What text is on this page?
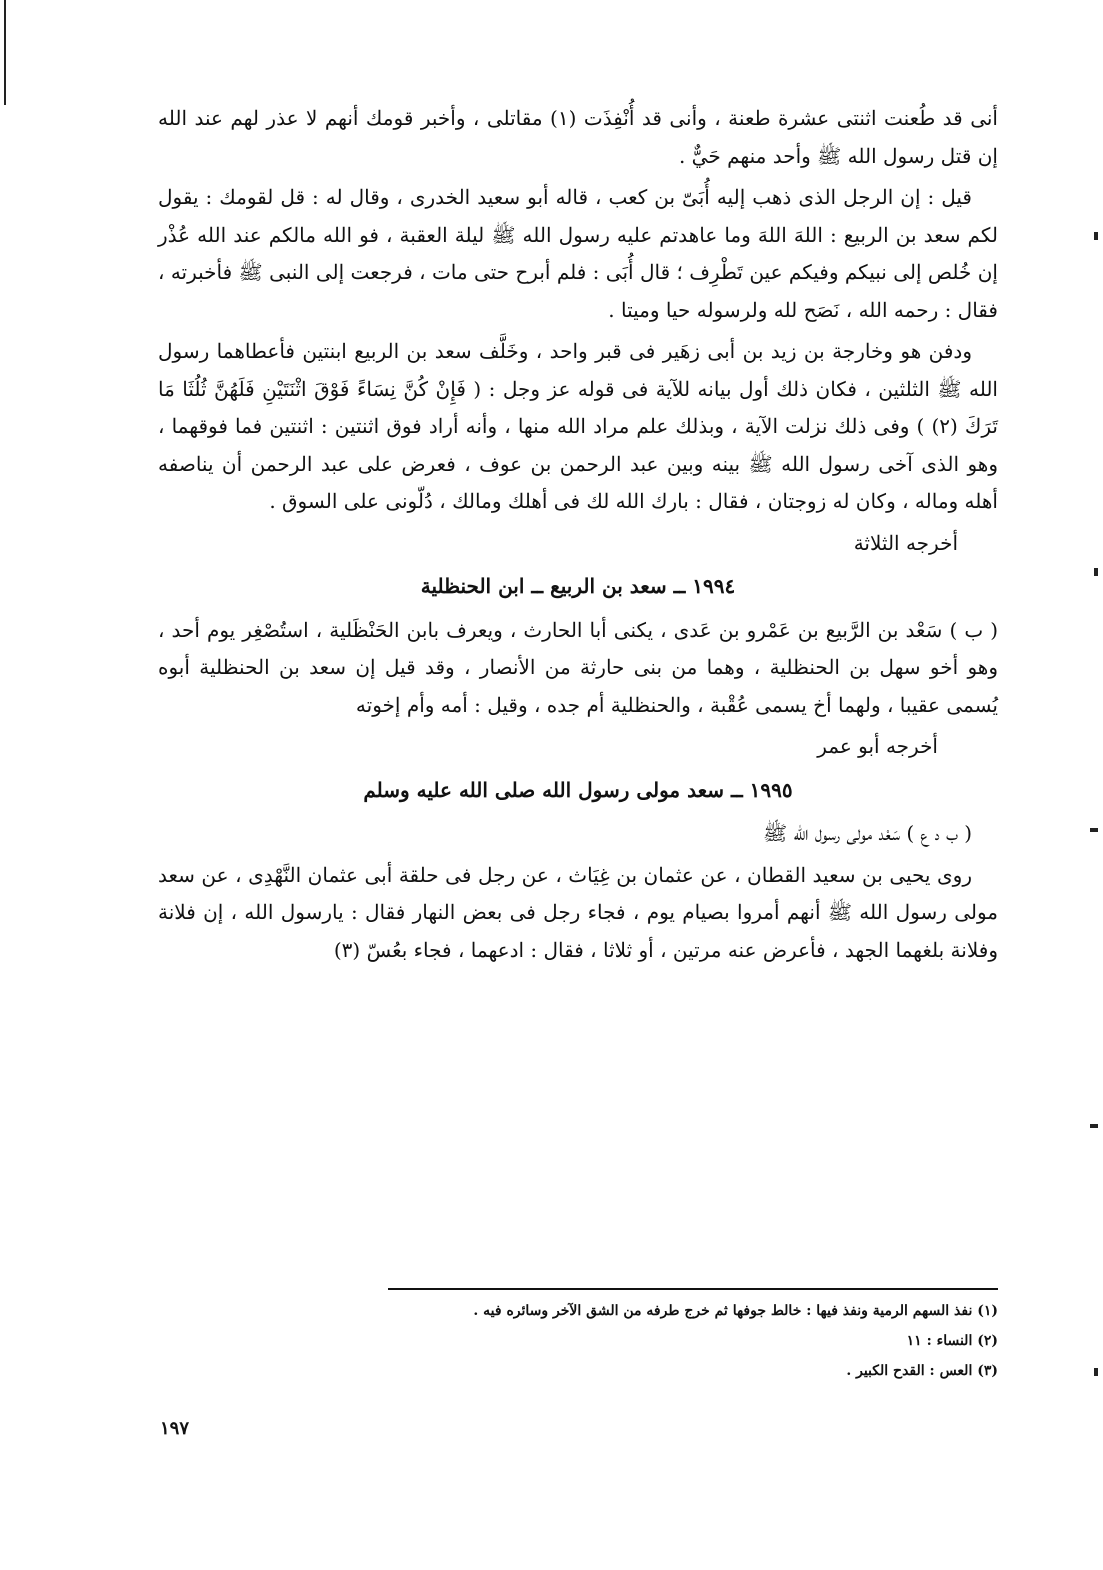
أنى قد طُعنت اثنتى عشرة طعنة ، وأنى قد أُنْفِذَت (١) مقاتلى ، وأخبر قومك أنهم لا عذر لهم عند الله إن قتل رسول الله ﷺ وأحد منهم حَيٌّ .

قيل : إن الرجل الذى ذهب إليه أُبَىّ بن كعب ، قاله أبو سعيد الخدرى ، وقال له : قل لقومك : يقول لكم سعد بن الربيع : اللهَ اللهَ وما عاهدتم عليه رسول الله ﷺ ليلة العقبة ، فو الله مالكم عند الله عُذْر إن خُلص إلى نبيكم وفيكم عين تَطْرِف ؛ قال أُبَى : فلم أبرح حتى مات ، فرجعت إلى النبى ﷺ فأخبرته ، فقال : رحمه الله ، نَصَح لله ولرسوله حيا وميتا .

ودفن هو وخارجة بن زيد بن أبى زهَير فى قبر واحد ، وخَلَّف سعد بن الربيع ابنتين فأعطاهما رسول الله ﷺ الثلثين ، فكان ذلك أول بيانه للآية فى قوله عز وجل : ( فَإِنْ كُنَّ نِسَاءً فَوْقَ اثْنَتَيْنِ فَلَهُنَّ ثُلُثَا مَا تَرَكَ (٢) ) وفى ذلك نزلت الآية ، وبذلك علم مراد الله منها ، وأنه أراد فوق اثنتين : اثنتين فما فوقهما ، وهو الذى آخى رسول الله ﷺ بينه وبين عبد الرحمن بن عوف ، فعرض على عبد الرحمن أن يناصفه أهله وماله ، وكان له زوجتان ، فقال : بارك الله لك فى أهلك ومالك ، دُلّونى على السوق .

أخرجه الثلاثة

١٩٩٤ ــ سعد بن الربيع ــ ابن الحنظلية

( ب ) سَعْد بن الرَّبيع بن عَمْرو بن عَدى ، يكنى أبا الحارث ، ويعرف بابن الحَنْظَلية ، استُصْغِر يوم أحد ، وهو أخو سهل بن الحنظلية ، وهما من بنى حارثة من الأنصار ، وقد قيل إن سعد بن الحنظلية أبوه يُسمى عقيبا ، ولهما أخ يسمى عُقْبة ، والحنظلية أم جده ، وقيل : أمه وأم إخوته

أخرجه أبو عمر

١٩٩٥ ــ سعد مولى رسول الله صلى الله عليه وسلم

( ب د ع ) سَعْد مولى رسول الله ﷺ

روى يحيى بن سعيد القطان ، عن عثمان بن غِيَاث ، عن رجل فى حلقة أبى عثمان النَّهْدِى ، عن سعد مولى رسول الله ﷺ أنهم أمروا بصيام يوم ، فجاء رجل فى بعض النهار فقال : يارسول الله ، إن فلانة وفلانة بلغهما الجهد ، فأعرض عنه مرتين ، أو ثلاثا ، فقال : ادعهما ، فجاء بعُسّ (٣)

(١) نفذ السهم الرمية ونفذ فيها : خالط جوفها ثم خرج طرفه من الشق الآخر وسائره فيه .

(٢) النساء : ١١

(٣) العس : القدح الكبير .

١٩٧
